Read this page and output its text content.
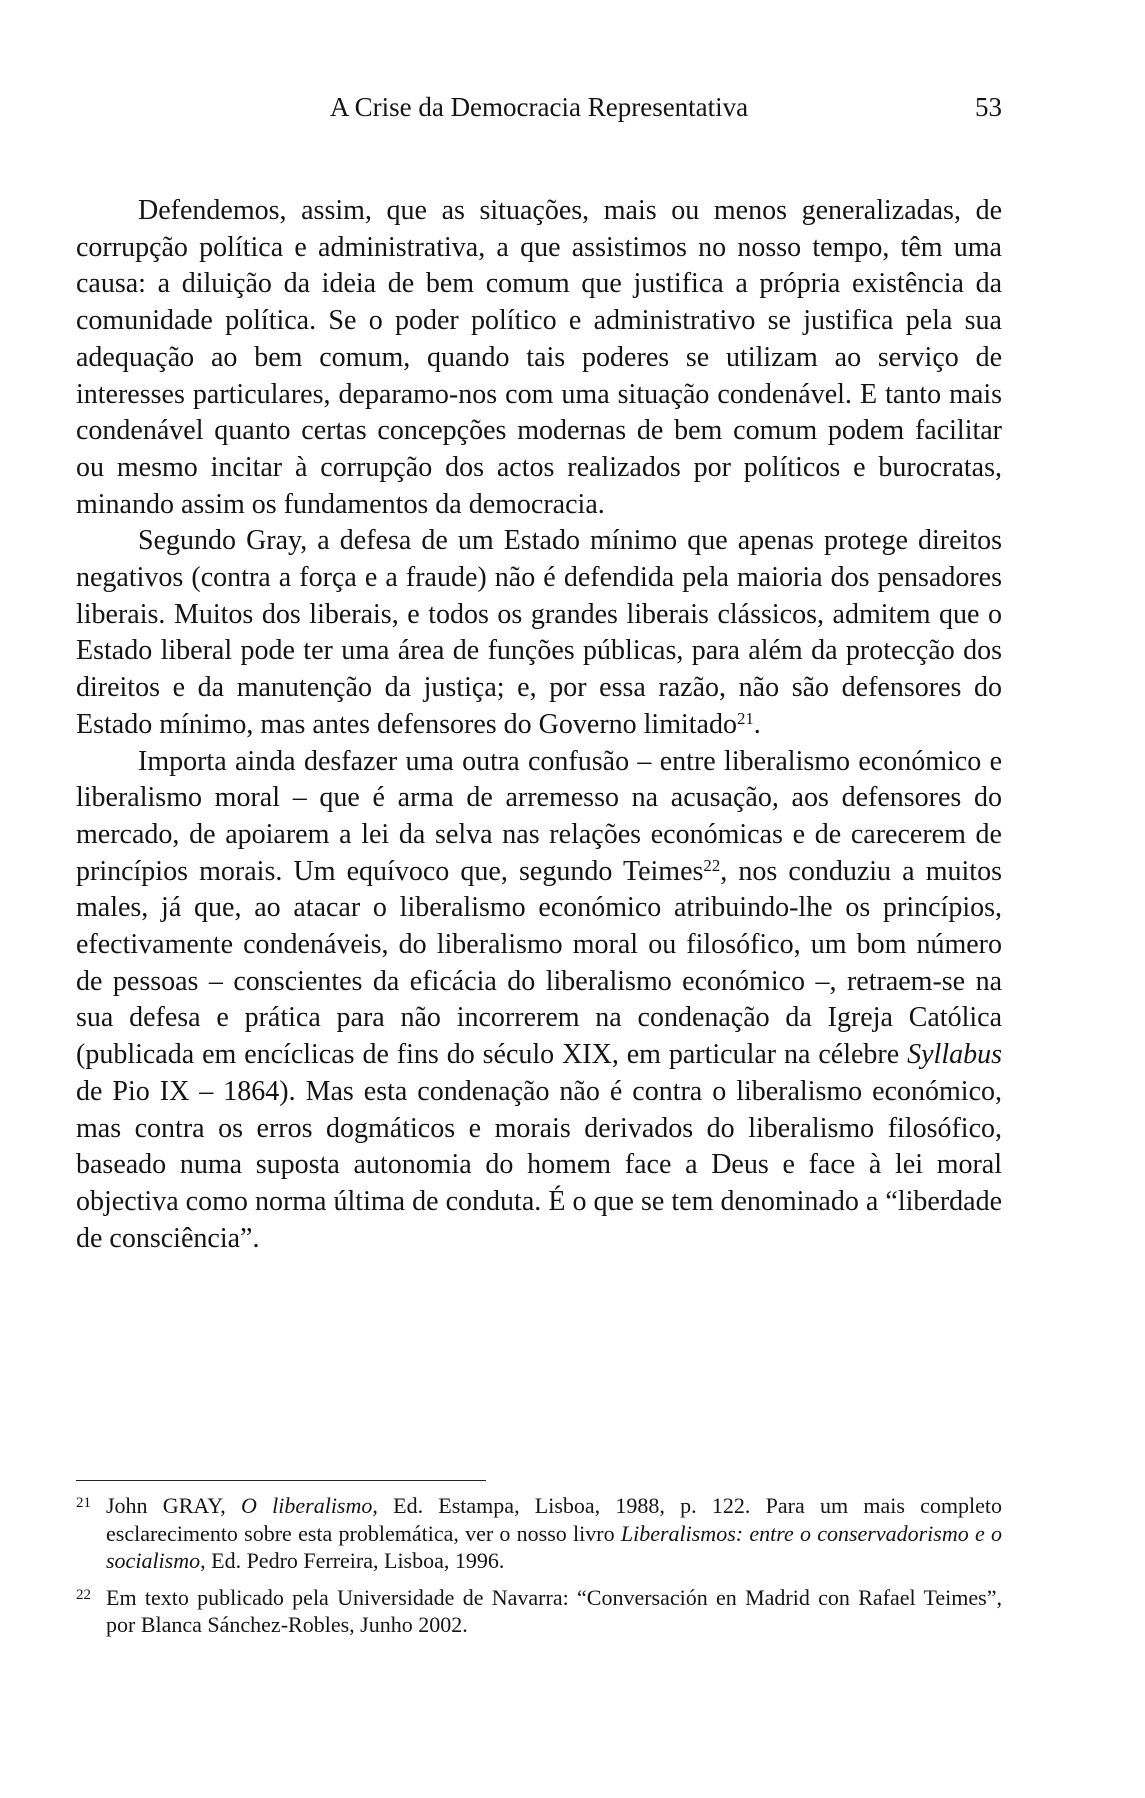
A Crise da Democracia Representativa	53

Defendemos, assim, que as situações, mais ou menos generalizadas, de corrupção política e administrativa, a que assistimos no nosso tempo, têm uma causa: a diluição da ideia de bem comum que justifica a própria existência da comunidade política. Se o poder político e administrativo se justifica pela sua adequação ao bem comum, quando tais poderes se utilizam ao serviço de interesses particulares, deparamo-nos com uma situação condenável. E tanto mais condenável quanto certas concepções modernas de bem comum podem facilitar ou mesmo incitar à corrupção dos actos realizados por políticos e burocratas, minando assim os fundamentos da democracia.

Segundo Gray, a defesa de um Estado mínimo que apenas protege direitos negativos (contra a força e a fraude) não é defendida pela maioria dos pensadores liberais. Muitos dos liberais, e todos os grandes liberais clássicos, admitem que o Estado liberal pode ter uma área de funções públicas, para além da protecção dos direitos e da manutenção da justiça; e, por essa razão, não são defensores do Estado mínimo, mas antes defensores do Governo limitado$^{21}$.

Importa ainda desfazer uma outra confusão – entre liberalismo económico e liberalismo moral – que é arma de arremesso na acusação, aos defensores do mercado, de apoiarem a lei da selva nas relações económicas e de carecerem de princípios morais. Um equívoco que, segundo Teimes$^{22}$, nos conduziu a muitos males, já que, ao atacar o liberalismo económico atribuindo-lhe os princípios, efectivamente condenáveis, do liberalismo moral ou filosófico, um bom número de pessoas – conscientes da eficácia do liberalismo económico –, retraem-se na sua defesa e prática para não incorrerem na condenação da Igreja Católica (publicada em encíclicas de fins do século XIX, em particular na célebre Syllabus de Pio IX – 1864). Mas esta condenação não é contra o liberalismo económico, mas contra os erros dogmáticos e morais derivados do liberalismo filosófico, baseado numa suposta autonomia do homem face a Deus e face à lei moral objectiva como norma última de conduta. É o que se tem denominado a “liberdade de consciência”.

21 John GRAY, O liberalismo, Ed. Estampa, Lisboa, 1988, p. 122. Para um mais completo esclarecimento sobre esta problemática, ver o nosso livro Liberalismos: entre o conservadorismo e o socialismo, Ed. Pedro Ferreira, Lisboa, 1996.
22 Em texto publicado pela Universidade de Navarra: “Conversación en Madrid con Rafael Teimes”, por Blanca Sánchez-Robles, Junho 2002.
